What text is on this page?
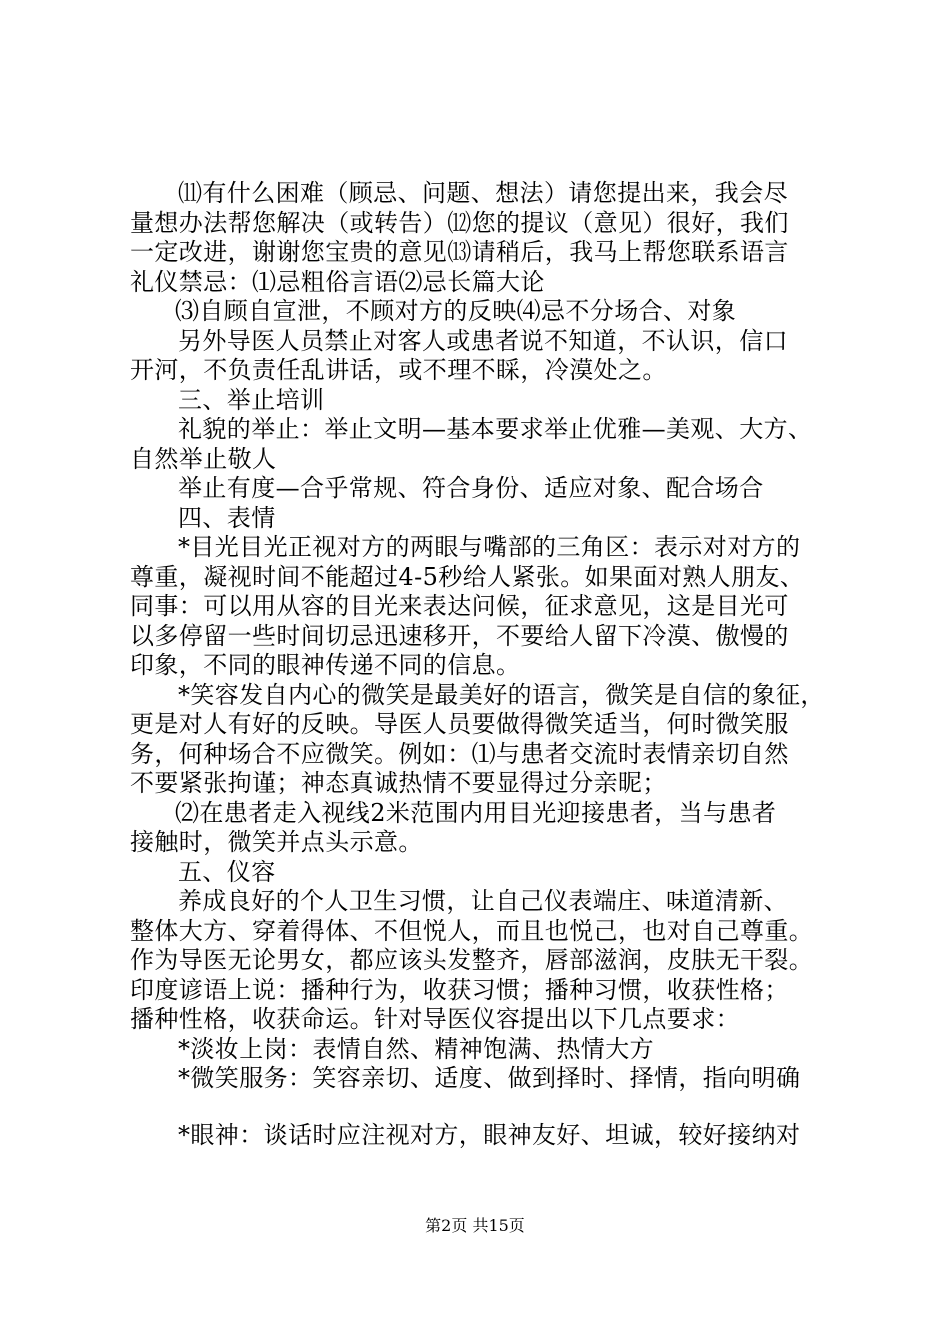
⑾有什么困难（顾忌、问题、想法）请您提出来，我会尽
量想办法帮您解决（或转告）⑿您的提议（意见）很好，我们
一定改进，谢谢您宝贵的意见⒀请稍后，我马上帮您联系语言
礼仪禁忌：⑴忌粗俗言语⑵忌长篇大论
⑶自顾自宣泄，不顾对方的反映⑷忌不分场合、对象
另外导医人员禁止对客人或患者说不知道，不认识，信口
开河，不负责任乱讲话，或不理不睬，冷漠处之。
三、举止培训
礼貌的举止：举止文明—基本要求举止优雅—美观、大方、
自然举止敬人
举止有度—合乎常规、符合身份、适应对象、配合场合
四、表情
*目光目光正视对方的两眼与嘴部的三角区：表示对对方的
尊重，凝视时间不能超过4-5秒给人紧张。如果面对熟人朋友、
同事：可以用从容的目光来表达问候，征求意见，这是目光可
以多停留一些时间切忌迅速移开，不要给人留下冷漠、傲慢的
印象，不同的眼神传递不同的信息。
*笑容发自内心的微笑是最美好的语言，微笑是自信的象征，
更是对人有好的反映。导医人员要做得微笑适当，何时微笑服
务，何种场合不应微笑。例如：⑴与患者交流时表情亲切自然
不要紧张拘谨；神态真诚热情不要显得过分亲昵；
⑵在患者走入视线2米范围内用目光迎接患者，当与患者
接触时，微笑并点头示意。
五、仪容
养成良好的个人卫生习惯，让自己仪表端庄、味道清新、
整体大方、穿着得体、不但悦人，而且也悦己，也对自己尊重。
作为导医无论男女，都应该头发整齐，唇部滋润，皮肤无干裂。
印度谚语上说：播种行为，收获习惯；播种习惯，收获性格；
播种性格，收获命运。针对导医仪容提出以下几点要求：
*淡妆上岗：表情自然、精神饱满、热情大方
*微笑服务：笑容亲切、适度、做到择时、择情，指向明确
*眼神：谈话时应注视对方，眼神友好、坦诚，较好接纳对
第2页 共15页
